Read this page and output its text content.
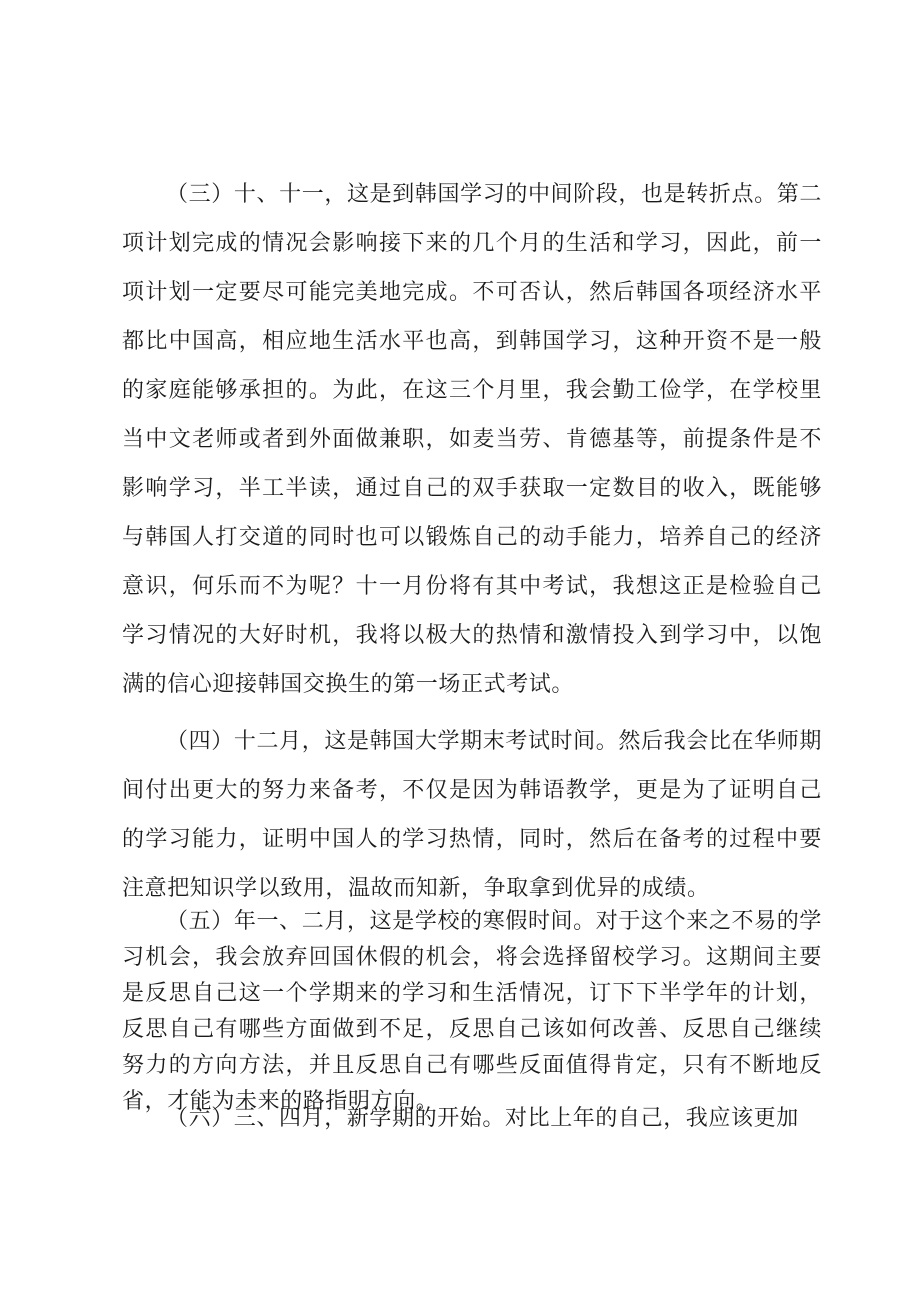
（三）十、十一，这是到韩国学习的中间阶段，也是转折点。第二项计划完成的情况会影响接下来的几个月的生活和学习，因此，前一项计划一定要尽可能完美地完成。不可否认，然后韩国各项经济水平都比中国高，相应地生活水平也高，到韩国学习，这种开资不是一般的家庭能够承担的。为此，在这三个月里，我会勤工俭学，在学校里当中文老师或者到外面做兼职，如麦当劳、肯德基等，前提条件是不影响学习，半工半读，通过自己的双手获取一定数目的收入，既能够与韩国人打交道的同时也可以锻炼自己的动手能力，培养自己的经济意识，何乐而不为呢？十一月份将有其中考试，我想这正是检验自己学习情况的大好时机，我将以极大的热情和激情投入到学习中，以饱满的信心迎接韩国交换生的第一场正式考试。

（四）十二月，这是韩国大学期末考试时间。然后我会比在华师期间付出更大的努力来备考，不仅是因为韩语教学，更是为了证明自己的学习能力，证明中国人的学习热情，同时，然后在备考的过程中要注意把知识学以致用，温故而知新，争取拿到优异的成绩。

（五）年一、二月，这是学校的寒假时间。对于这个来之不易的学习机会，我会放弃回国休假的机会，将会选择留校学习。这期间主要是反思自己这一个学期来的学习和生活情况，订下下半学年的计划，反思自己有哪些方面做到不足，反思自己该如何改善、反思自己继续努力的方向方法，并且反思自己有哪些反面值得肯定，只有不断地反省，才能为未来的路指明方向。

（六）三、四月，新学期的开始。对比上年的自己，我应该更加
